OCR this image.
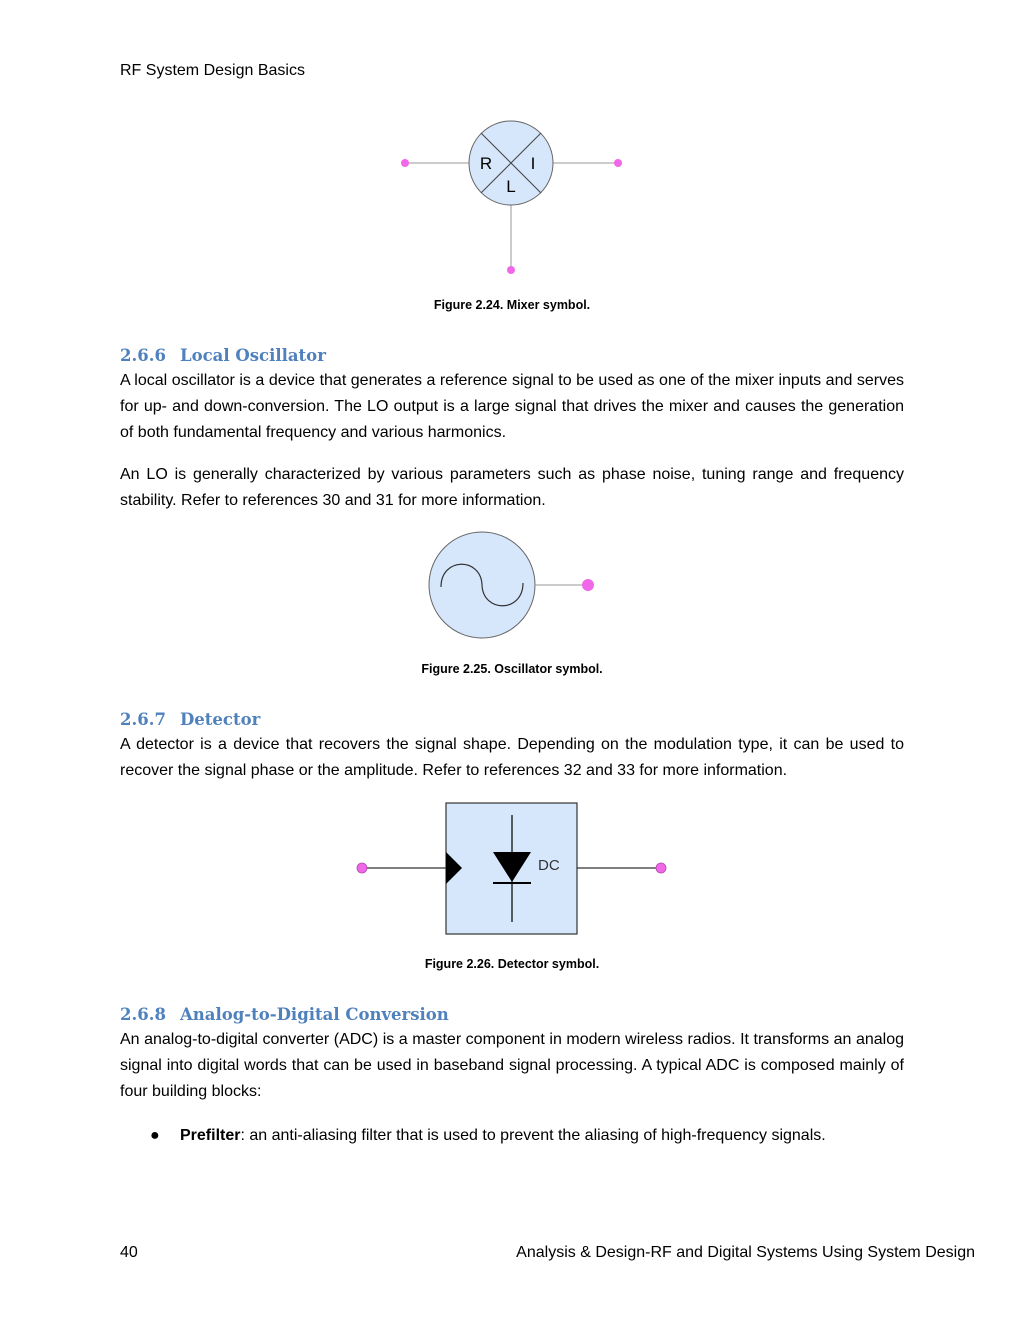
RF System Design Basics
R I
L
Figure 2.24. Mixer symbol.
2.6.6 Local Oscillator

A local oscillator is a device that generates a reference signal to be used as one of the mixer inputs and serves for up- and down-conversion. The LO output is a large signal that drives the mixer and causes the generation of both fundamental frequency and various harmonics.

An LO is generally characterized by various parameters such as phase noise, tuning range and frequency stability. Refer to references 30 and 31 for more information.

Figure 2.25. Oscillator symbol.
2.6.7 Detector

A detector is a device that recovers the signal shape. Depending on the modulation type, it can be used to recover the signal phase or the amplitude. Refer to references 32 and 33 for more information.

DC
Figure 2.26. Detector symbol.
2.6.8 Analog-to-Digital Conversion

An analog-to-digital converter (ADC) is a master component in modern wireless radios. It transforms an analog signal into digital words that can be used in baseband signal processing. A typical ADC is composed mainly of four building blocks:

● Prefilter: an anti-aliasing filter that is used to prevent the aliasing of high-frequency signals.
40	Analysis & Design-RF and Digital Systems Using System Design
